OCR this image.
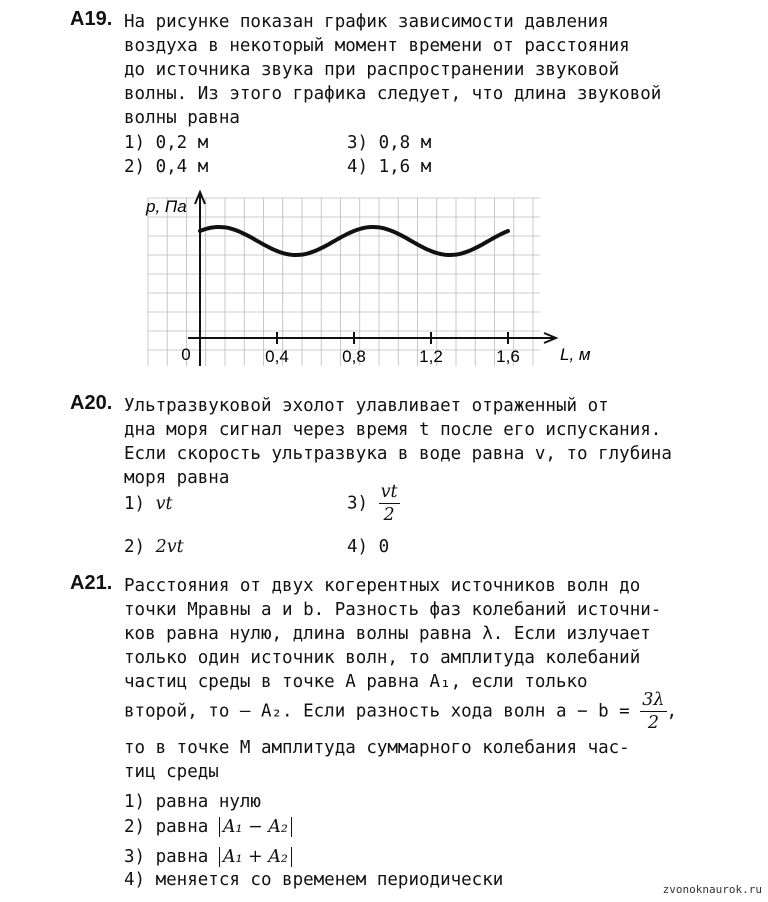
A19. На рисунке показан график зависимости давления
воздуха в некоторый момент времени от расстояния
до источника звука при распространении звуковой
волны. Из этого графика следует, что длина звуковой
волны равна
1) 0,2 м	3) 0,8 м
2) 0,4 м	4) 1,6 м
0,4	0,8	1,2	1,6
0	L, м
p, Па
A20. Ультразвуковой эхолот улавливает отраженный от
дна моря сигнал через время t после его испускания.
Если скорость ультразвука в воде равна v, то глубина
моря равна
1) vt	$3) \frac{vt}{2}$
2) 2vt	4) 0
A21. Расстояния от двух когерентных источников волн до
точки Mравны a и b. Разность фаз колебаний источни-
ков равна нулю, длина волны равна λ. Если излучает
только один источник волн, то амплитуда колебаний
частиц среды в точке A равна A₁, если только
второй, то — A₂. Если разность хода волн $a - b = \frac{3\lambda}{2}$ ,
то в точке M амплитуда суммарного колебания час-
тиц среды
1) равна нулю
2) равна A₁ − A₂
3) равна A₁ + A₂
4) меняется со временем периодически	zvonoknaurok.ru
